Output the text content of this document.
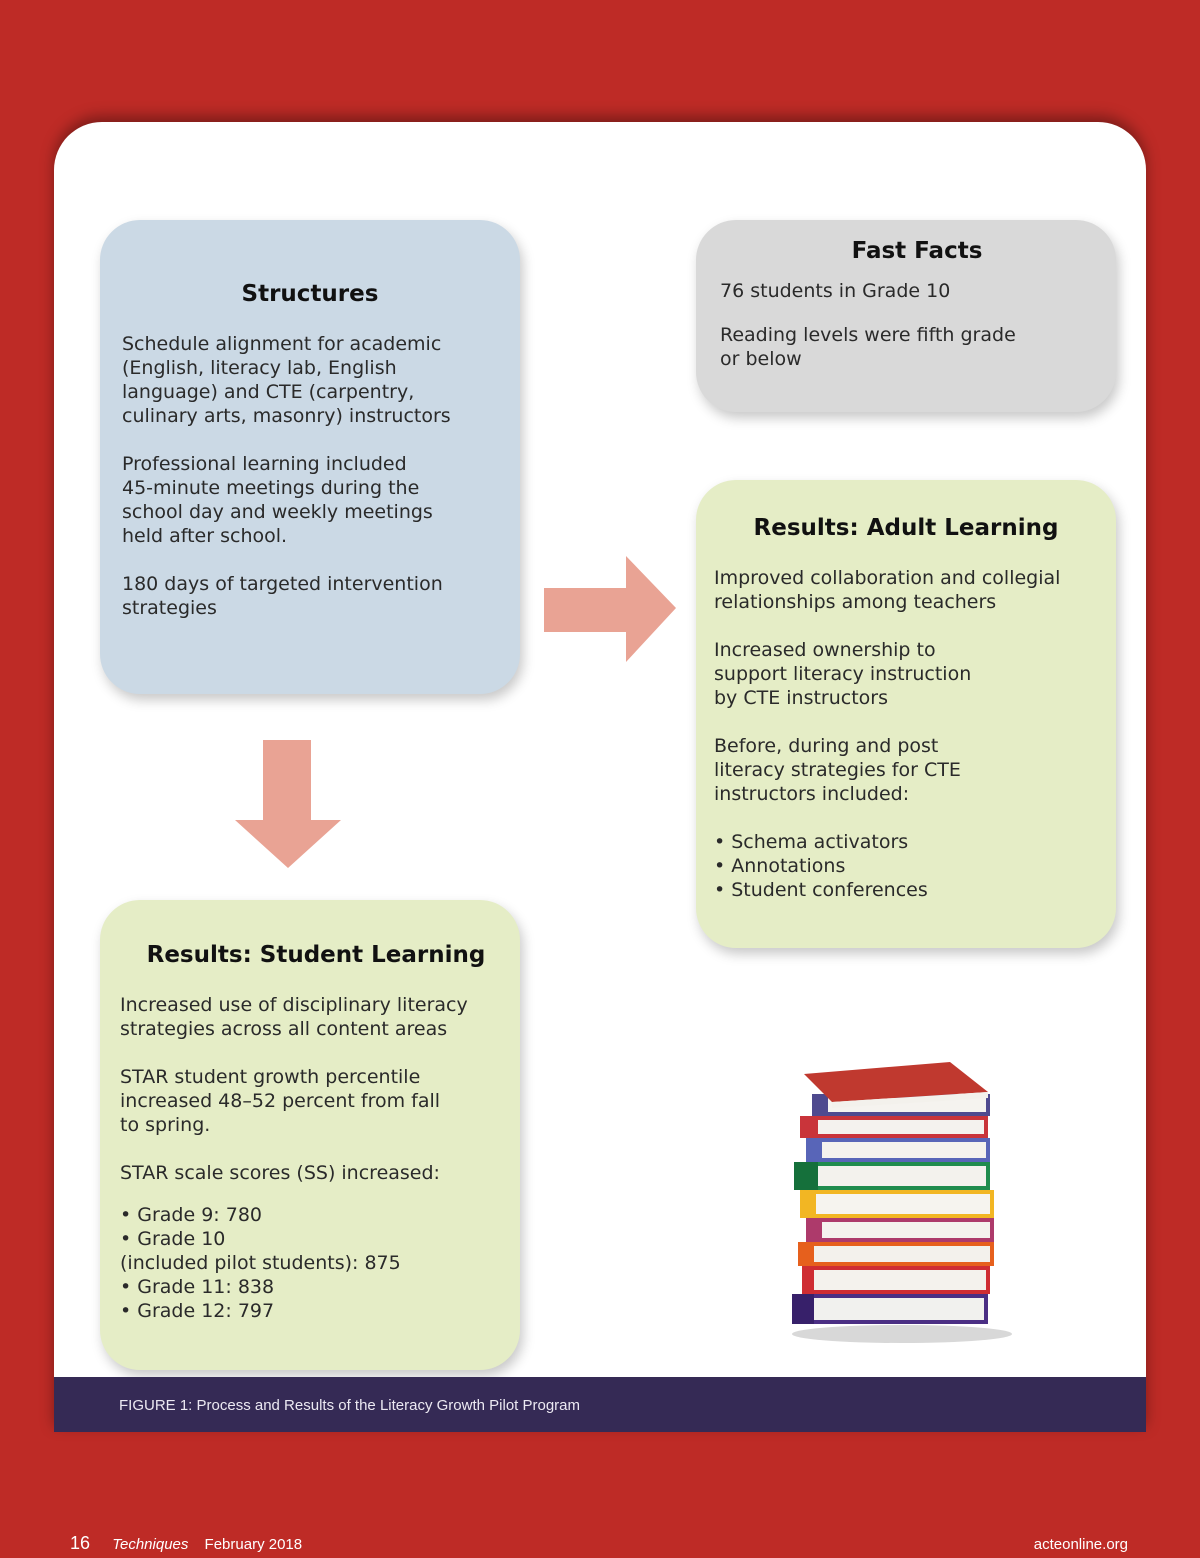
Structures

Schedule alignment for academic
(English, literacy lab, English
language) and CTE (carpentry,
culinary arts, masonry) instructors

Professional learning included
45-minute meetings during the
school day and weekly meetings
held after school.

180 days of targeted intervention
strategies

Fast Facts

76 students in Grade 10

Reading levels were fifth grade
or below

Results: Adult Learning

Improved collaboration and collegial
relationships among teachers

Increased ownership to
support literacy instruction
by CTE instructors

Before, during and post
literacy strategies for CTE
instructors included:

• Schema activators
• Annotations
• Student conferences
Results: Student Learning

Increased use of disciplinary literacy
strategies across all content areas

STAR student growth percentile
increased 48–52 percent from fall
to spring.

STAR scale scores (SS) increased:

• Grade 9: 780
• Grade 10
(included pilot students): 875
• Grade 11: 838
• Grade 12: 797
FIGURE 1: Process and Results of the Literacy Growth Pilot Program
16 Techniques February 2018	acteonline.org
